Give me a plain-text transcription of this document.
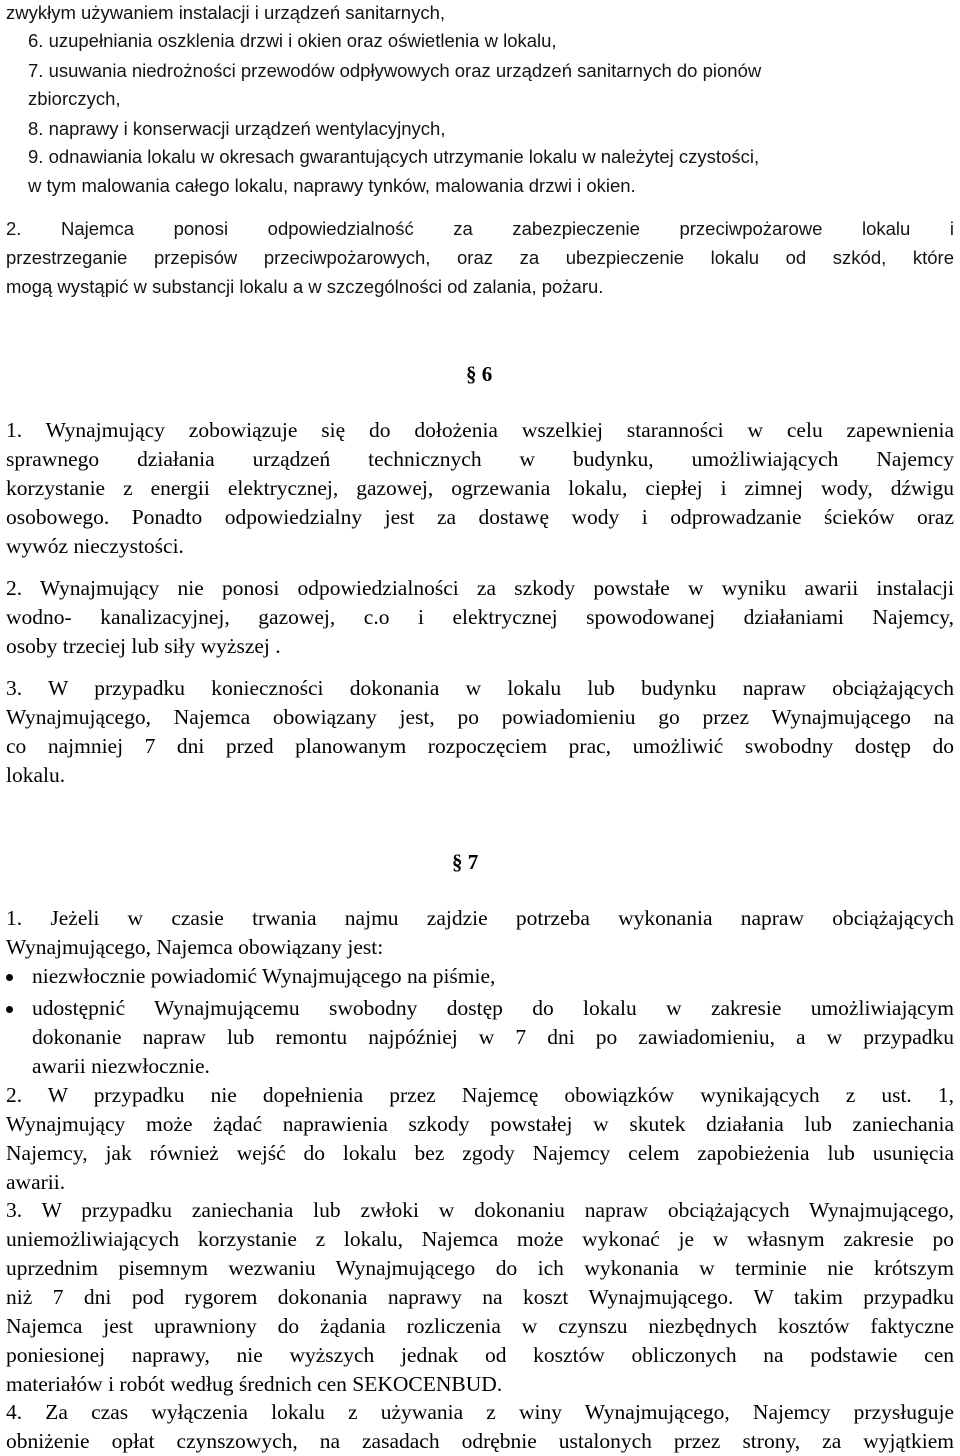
zwykłym używaniem instalacji i urządzeń sanitarnych,
6. uzupełniania oszklenia drzwi i okien oraz oświetlenia w lokalu,
7. usuwania niedrożności przewodów odpływowych oraz urządzeń sanitarnych do pionów
zbiorczych,
8. naprawy i konserwacji urządzeń wentylacyjnych,
9. odnawiania lokalu w okresach gwarantujących utrzymanie lokalu w należytej czystości,
w tym malowania całego lokalu, naprawy tynków, malowania drzwi i okien.
2. Najemca ponosi odpowiedzialność za zabezpieczenie przeciwpożarowe lokalu i
przestrzeganie przepisów przeciwpożarowych, oraz za ubezpieczenie lokalu od szkód, które
mogą wystąpić w substancji lokalu a w szczególności od zalania, pożaru.
§ 6
1. Wynajmujący zobowiązuje się do dołożenia wszelkiej staranności w celu zapewnienia
sprawnego działania urządzeń technicznych w budynku, umożliwiających Najemcy
korzystanie z energii elektrycznej, gazowej, ogrzewania lokalu, ciepłej i zimnej wody, dźwigu
osobowego. Ponadto odpowiedzialny jest za dostawę wody i odprowadzanie ścieków oraz
wywóz nieczystości.
2. Wynajmujący nie ponosi odpowiedzialności za szkody powstałe w wyniku awarii instalacji
wodno- kanalizacyjnej, gazowej, c.o i elektrycznej spowodowanej działaniami Najemcy,
osoby trzeciej lub siły wyższej .
3. W przypadku konieczności dokonania w lokalu lub budynku napraw obciążających
Wynajmującego, Najemca obowiązany jest, po powiadomieniu go przez Wynajmującego na
co najmniej 7 dni przed planowanym rozpoczęciem prac, umożliwić swobodny dostęp do
lokalu.
§ 7
1. Jeżeli w czasie trwania najmu zajdzie potrzeba wykonania napraw obciążających
Wynajmującego, Najemca obowiązany jest:
niezwłocznie powiadomić Wynajmującego na piśmie,
udostępnić Wynajmującemu swobodny dostęp do lokalu w zakresie umożliwiającym
dokonanie napraw lub remontu najpóźniej w 7 dni po zawiadomieniu, a w przypadku
awarii niezwłocznie.
2. W przypadku nie dopełnienia przez Najemcę obowiązków wynikających z ust. 1,
Wynajmujący może żądać naprawienia szkody powstałej w skutek działania lub zaniechania
Najemcy, jak również wejść do lokalu bez zgody Najemcy celem zapobieżenia lub usunięcia
awarii.
3. W przypadku zaniechania lub zwłoki w dokonaniu napraw obciążających Wynajmującego,
uniemożliwiających korzystanie z lokalu, Najemca może wykonać je w własnym zakresie po
uprzednim pisemnym wezwaniu Wynajmującego do ich wykonania w terminie nie krótszym
niż 7 dni pod rygorem dokonania naprawy na koszt Wynajmującego. W takim przypadku
Najemca jest uprawniony do żądania rozliczenia w czynszu niezbędnych kosztów faktyczne
poniesionej naprawy, nie wyższych jednak od kosztów obliczonych na podstawie cen
materiałów i robót według średnich cen SEKOCENBUD.
4. Za czas wyłączenia lokalu z używania z winy Wynajmującego, Najemcy przysługuje
obniżenie opłat czynszowych, na zasadach odrębnie ustalonych przez strony, za wyjątkiem
